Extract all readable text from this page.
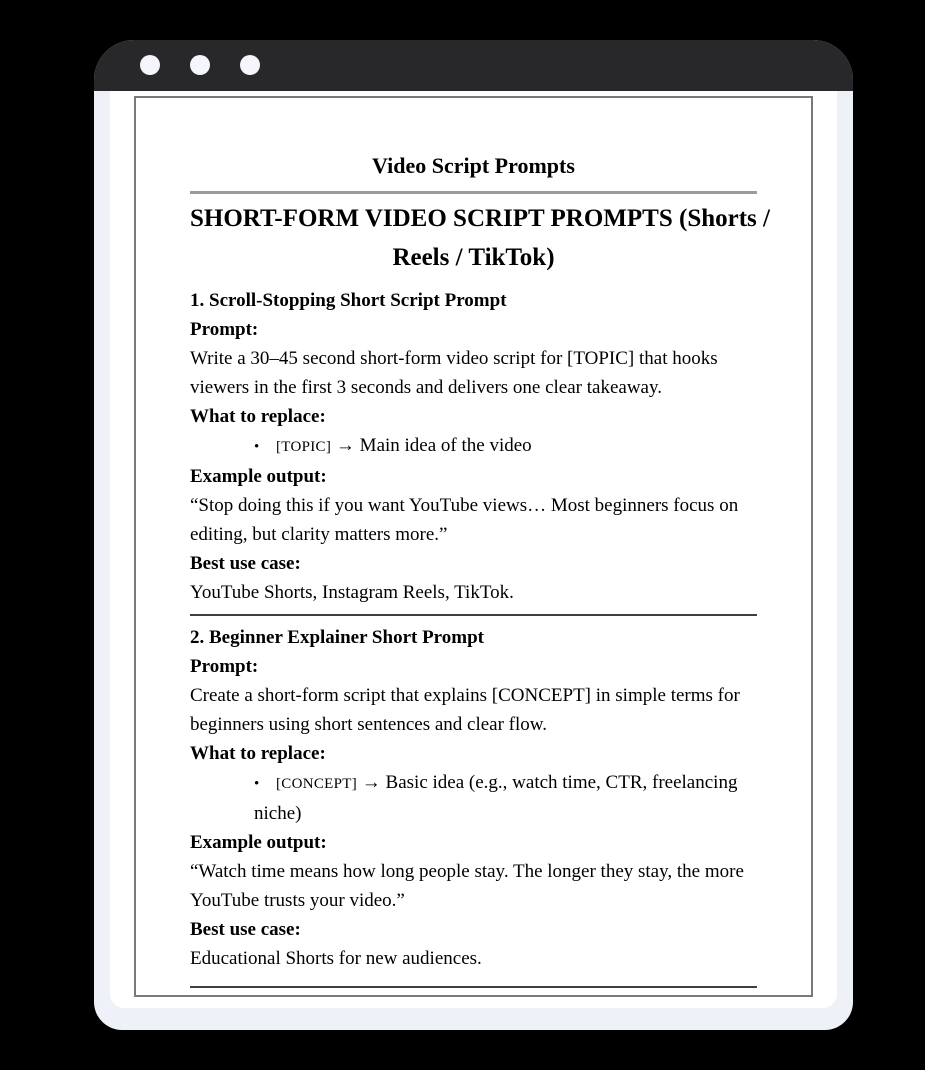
Video Script Prompts
SHORT-FORM VIDEO SCRIPT PROMPTS (Shorts /
Reels / TikTok)

1. Scroll-Stopping Short Script Prompt

Prompt:

Write a 30–45 second short-form video script for [TOPIC] that hooks viewers in the first 3 seconds and delivers one clear takeaway.

What to replace:

• [TOPIC] → Main idea of the video

Example output:

“Stop doing this if you want YouTube views… Most beginners focus on editing, but clarity matters more.”

Best use case:

YouTube Shorts, Instagram Reels, TikTok.

2. Beginner Explainer Short Prompt

Prompt:

Create a short-form script that explains [CONCEPT] in simple terms for beginners using short sentences and clear flow.

What to replace:

• [CONCEPT] → Basic idea (e.g., watch time, CTR, freelancing niche)

Example output:

“Watch time means how long people stay. The longer they stay, the more YouTube trusts your video.”

Best use case:

Educational Shorts for new audiences.
